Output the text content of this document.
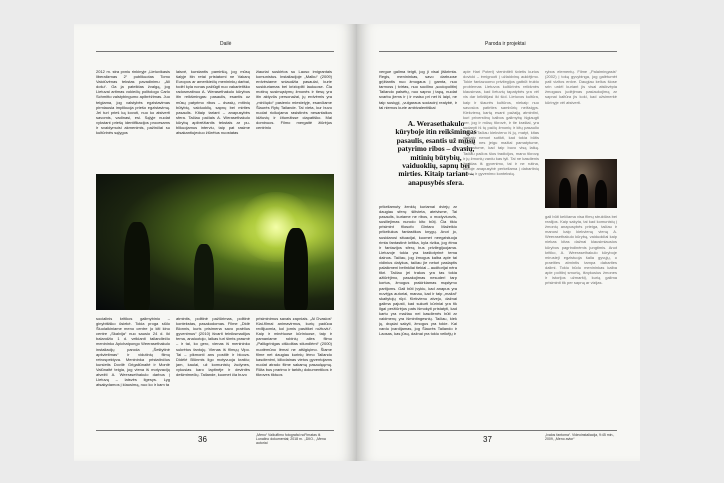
Dailė

2012 m. stra pxniu rinkinyje „Lietuvikasis liberalizmas 2“ publikuotas Tomo Vaiciūvėnas tekstas pavadinimu „Ali došu“. Ga ja pateiktas žvalgą, jog Lietuvai artimas vokiečių politologo Carlo Schmitto valstybingumo apibrėžimas. Juo teigiama, jog valstybės egzistavimas pirmiausia implikuoja priešo egzistavimą. Jei turi prieš ką kovoti, nuo ko atsiverti savomis, vadinasi, esi. Sąlyje nuolat vykstant priešų identifikacijos procesams ir svaidymuisi akmenimis, pažinčiai su kultūrinės sąlygos

laisvė, kurstantis pamiršią, jog mūsų šalyje itin retai pristatomi ne Vakarų Europos ar amerikiečių menininkų darbai, todėl kyla nonas pažiūgti nuo vakarietiško radosmatinuo A. Werasethakulo kūrybos itin reikšmingas: pasaulis, esantis uz mūsų patyrimo ribos – dvasių, mitinių būtybių, vaiduoklių, sapnų bei mirties pasaulis. Kitaip tariant – anapusybės sfera. Tačiau pačiais A. Werasethakulo kūrybą apibrėžiantis tekstais ar publikuojamus interviu, taip pat rasime atsakantiujeciuo žiūrėtus nuostatas

žiauriai suskirtos su Laoso imigrantais komunistus. Instaliacijoje „Malku“ (2009) erdvėsiame sniaudžia pasaulai, kurie susiduriamas bei kriziopilti laukuose. Čia motinų susimąstymų žmonės ir tiesų yra itin aktyvūs personažai, jų erdvėmis yra „mirčiųdo“ pasienio miestelyje, esančiame Šiaurės Rytų Tailande. Tai vieta, kur buvo nuolat ricikojama rasistinės nesantaikos idžiuvių ir čitumžisse ciapatiško. Mai dominuos. Filmo mergaitė žiūrėjus centrinio

socialinis kritikos galimybinio – ginybišiško ūsiekė. Tokia proga siūlo Šiuolaikiniame meno centre (o kiti kino centre „Skalvija“ nuo sausio 24 d. iki balandžio 1 d. veikianti tailandiečio menininko Apichatpongo Weerasethakulo instaliacijų paroda „Šeštytinė apšvietimas“ ir vidutinių filmų retrospektyva. Menininka pristatinčius kursietis Dovilė Grigaliūnaitė ir Montė Valūnaitė teigia, jog viena iš motyvacijų atvežti A. Weerasethakulo darbus į Lietuvą – laisvės ilgesys. Lyg atsakydamos į klausimą, nuo ko ir kam ta

atmintis, politinė pažiūrimas, politinė kontekstas, pasakodomas. Filme „Didė Blonnis, kuris prisimena savo praėlius gyvenimus“ (2010) išvarti teiniksmadijos tema, anaiuotojo, laikas turi šimts prasmė – ir tai, ko gero, vienas iš menininko sukrėtos fantojų. Vienas iš filmųų Vipo. Tai – pikmonti ans postilė ir bloozs. Didėlė Blūnmis ligo motyvuoja kraštu; jam, kaulai, už komunistų žudynes, vykusias karo laptinėje ir devintės dešimtmečių. Tailande, kuomet čia buvo

prisiminimus savais zapniais. „Ai Dvasios“ Kiai-filmai animavirmus, kurių padūoa redlijuomia, kol jomis pasitikei rožtuviu“. Kaip ir minėtuose kūriniuose, taip ir pamaniame robinių ailes filmo „Palikgrinlgas ciškolitas stlundlėmi“ (2000) nuotėmūno lėmai ne atšigiųimo. Šiame filme net daugiau kurinių lėmo Tailando kasdienimi, kiliodainas vietos gyventojams nuolat atrado filme sakamą pasaulęęmą. Rūta bus prarimo ir tarkitų dokumentikos ir tikroves tiktuos

36	„Meno“ Vaikuflimo fotografai noFimatas iš Lunalino dokumentai; 2018 m. ,,DIIO., „Mena autoriai
Paroda ir projektai

vergue galima teigti, jog ji visai jiškrimta. Regis, menininkas, savo darbuose grįžtantis nuo žmogaus į gamta, nuo tarmoss į tvirtas, nuo socilino „sociopolitinį Tailando palsėtų, nuo sapno į tapą, nuolat svarbu jiems ir į ir maiso pri net iš laipi, ne taip susiųgi, „vulgaraus sociacinį realybė, ir tai niemos kurie ambivalentiškai

A. Werasethakulo kūryboje itin reikšmingas pasaulis, esantis už mūsų patyrimo ribos – dvasių, mitinių būtybių, vaiduoklių, sapnų bei mirties. Kitaip tariant – anapusybės sfera.

prikeliamuty ženklų kuriamai dviejų ar daugiau sferų: šiltvieta, ateivisme, Tai pasaulis, kuriame ne ribos, o modyviunzis, susiliejimas nurodo kito būtį. Čia tikiu prisimint filosofo Gintaro Mažeikio prikeliukus fantastikos knygų. Anot jo, susidarosi situacijai, kuomet neegzistuoja rimta fantastinė kritika, kyla rizika, jog ėima ir fantazijos sferą bus privilegijuojama. Lietuvoje tokia yra kraštotyrinė tema dainos. Tačiau, jog žmogus kalba apie tai vidinius dalykus, tačiau jie neturi paslaptis palaikmeni betinkliai tiekiai – auditorijai nėra tikri. Tačiau jei trakos yra tas tokia ažiūrėjimo, pasakojimas nesuderi tarp kortus, žmogus prakirkiamas mąstymo partijoms. Gali būti įvykiu, kad anapus yra nuvėjęs autoriai, manau, kad ir taip „mažai“ skaitytojų rūpi. Kiekvienu atveju, dažnai galima pajusti, kad sukurti kūriniai yra tik ilgai peržiūrėjus pats išmokyti pristatyti, kad kartu yra mažiau nei kasdienės būti ar vaidmenų yra išmintingesnių. Tačiau, kiek jų, drąsiai sakyti, žmogus yra tokie. Kai vardu įvardijamas, jog Šiaurės Tailando ir Laosas, kas jūsų, dažnai yra tokiu veikėjų ir

apie Hari Poteri) vieninitėli švietis kurios dovicki – ėmigruoti į užlaidvinę auklėjimo. Tokie fantazuomo privilegijos gatbūt trukto problemas Lietuvos kultūrinės reikšmės klausimas, kad lietuvių tapatybės yra vėl vis dar krikštijasi iki šiol. Lietuvos kultūra, kaip ir šiaurės kultūros, niekaip nuo savosios patirties sambūrių neišsigys. Kiekvieną kartą esant pažaiją atmintini, kuri priverstinų kalbos galimybę išgiaugti per, jog ir mūsų tikrovė, ir tie kraštai, yra sudaryti iš tų pačių žmonių ir kitų pasaulio dalykų. Tačiau kiekvieno iš jų, matyt, kitas niekaip nenori sutikti, kad tokia būtis tęsiasi, nes jeigu mažiai pamatytume, suprastume, kad taip buvo visą laiką. Tačiau pačios šios tradicijos, mano tikrovę ir jų žmonių vardu kas tyli. Tai ne kasdienis ženklas iš gyvenimo, tai ir ne rutina, kurioje anapusybė perkeliama į dabartinių turinių ir gyvenimo kontekstą.
rybos elementų. Filme „Palaimingasis“ (2002) į toką gyvybinga, jog galėtumėt pati vizitos erdve. Daugiau kelius šiose srin urdėl kuriant jis visai atsikvėpia žmogaus judėjimas pasiaukojimą ar sapnai kaltūra jis koki, kad užsimerkė kūrinyje vėl atsiverti.
gali būti kelčiama visa filmų struktūra bei realijos. Kaip sakyta, tai kad komunistų į žmonių anapusybės prieiga, tačiau ir manosi kaip kiekvieną vieną A. Weerasethakulo kūrybą, vaiduokliai kaip niekas kitas dažnai klausimiausios kūrybos pagrindinėmis jungtimis. Anot kritiko, A. Weerasethakulo kūryboje mirusieji egzistuoja šalia gyvųjų, o praeities atmintis tampa dabarties dalimi. Tokiu būdu menininkas kalba apie politinį smurtą, išnykusius žmones ir istorijos užmarštį, kurią galima prisiminti tik per sapną ar vizijas.
37	„Ivalos fantoma“. Videoinstaliacija, 9:45 min., 2009, „Meno avtor“
